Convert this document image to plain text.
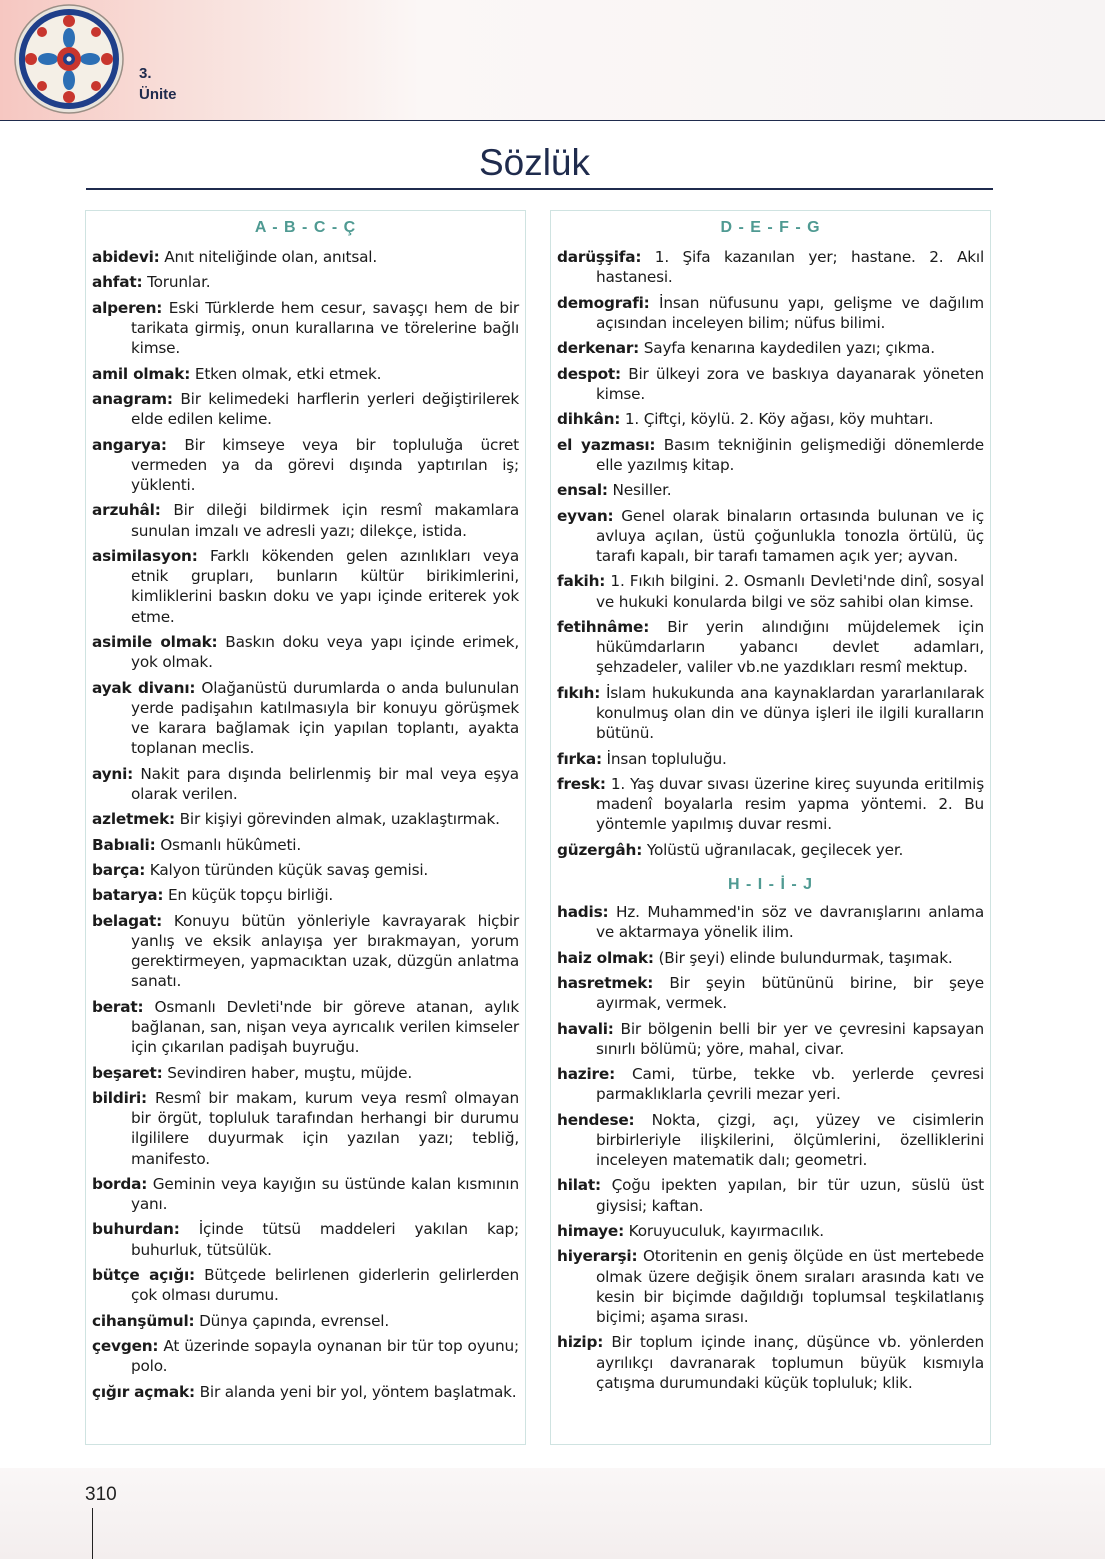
3.
Ünite
Sözlük
A - B - C - Ç

abidevi: Anıt niteliğinde olan, anıtsal.

ahfat: Torunlar.

alperen: Eski Türklerde hem cesur, savaşçı hem de bir tarikata girmiş, onun kurallarına ve törelerine bağlı kimse.

amil olmak: Etken olmak, etki etmek.

anagram: Bir kelimedeki harflerin yerleri değiştirilerek elde edilen kelime.

angarya: Bir kimseye veya bir topluluğa ücret vermeden ya da görevi dışında yaptırılan iş; yüklenti.

arzuhâl: Bir dileği bildirmek için resmî makamlara sunulan imzalı ve adresli yazı; dilekçe, istida.

asimilasyon: Farklı kökenden gelen azınlıkları veya etnik grupları, bunların kültür birikimlerini, kimliklerini baskın doku ve yapı içinde eriterek yok etme.

asimile olmak: Baskın doku veya yapı içinde erimek, yok olmak.

ayak divanı: Olağanüstü durumlarda o anda bulunulan yerde padişahın katılmasıyla bir konuyu görüşmek ve karara bağlamak için yapılan toplantı, ayakta toplanan meclis.

ayni: Nakit para dışında belirlenmiş bir mal veya eşya olarak verilen.

azletmek: Bir kişiyi görevinden almak, uzaklaştırmak.

Babıali: Osmanlı hükûmeti.

barça: Kalyon türünden küçük savaş gemisi.

batarya: En küçük topçu birliği.

belagat: Konuyu bütün yönleriyle kavrayarak hiçbir yanlış ve eksik anlayışa yer bırakmayan, yorum gerektirmeyen, yapmacıktan uzak, düzgün anlatma sanatı.

berat: Osmanlı Devleti'nde bir göreve atanan, aylık bağlanan, san, nişan veya ayrıcalık verilen kimseler için çıkarılan padişah buyruğu.

beşaret: Sevindiren haber, muştu, müjde.

bildiri: Resmî bir makam, kurum veya resmî olmayan bir örgüt, topluluk tarafından herhangi bir durumu ilgililere duyurmak için yazılan yazı; tebliğ, manifesto.

borda: Geminin veya kayığın su üstünde kalan kısmının yanı.

buhurdan: İçinde tütsü maddeleri yakılan kap; buhurluk, tütsülük.

bütçe açığı: Bütçede belirlenen giderlerin gelirlerden çok olması durumu.

cihanşümul: Dünya çapında, evrensel.

çevgen: At üzerinde sopayla oynanan bir tür top oyunu; polo.

çığır açmak: Bir alanda yeni bir yol, yöntem başlatmak.

D - E - F - G

darüşşifa: 1. Şifa kazanılan yer; hastane. 2. Akıl hastanesi.

demografi: İnsan nüfusunu yapı, gelişme ve dağılım açısından inceleyen bilim; nüfus bilimi.

derkenar: Sayfa kenarına kaydedilen yazı; çıkma.

despot: Bir ülkeyi zora ve baskıya dayanarak yöneten kimse.

dihkân: 1. Çiftçi, köylü. 2. Köy ağası, köy muhtarı.

el yazması: Basım tekniğinin gelişmediği dönemlerde elle yazılmış kitap.

ensal: Nesiller.

eyvan: Genel olarak binaların ortasında bulunan ve iç avluya açılan, üstü çoğunlukla tonozla örtülü, üç tarafı kapalı, bir tarafı tamamen açık yer; ayvan.

fakih: 1. Fıkıh bilgini. 2. Osmanlı Devleti'nde dinî, sosyal ve hukuki konularda bilgi ve söz sahibi olan kimse.

fetihnâme: Bir yerin alındığını müjdelemek için hükümdarların yabancı devlet adamları, şehzadeler, valiler vb.ne yazdıkları resmî mektup.

fıkıh: İslam hukukunda ana kaynaklardan yararlanılarak konulmuş olan din ve dünya işleri ile ilgili kuralların bütünü.

fırka: İnsan topluluğu.

fresk: 1. Yaş duvar sıvası üzerine kireç suyunda eritilmiş madenî boyalarla resim yapma yöntemi. 2. Bu yöntemle yapılmış duvar resmi.

güzergâh: Yolüstü uğranılacak, geçilecek yer.

H - I - İ - J

hadis: Hz. Muhammed'in söz ve davranışlarını anlama ve aktarmaya yönelik ilim.

haiz olmak: (Bir şeyi) elinde bulundurmak, taşımak.

hasretmek: Bir şeyin bütününü birine, bir şeye ayırmak, vermek.

havali: Bir bölgenin belli bir yer ve çevresini kapsayan sınırlı bölümü; yöre, mahal, civar.

hazire: Cami, türbe, tekke vb. yerlerde çevresi parmaklıklarla çevrili mezar yeri.

hendese: Nokta, çizgi, açı, yüzey ve cisimlerin birbirleriyle ilişkilerini, ölçümlerini, özelliklerini inceleyen matematik dalı; geometri.

hilat: Çoğu ipekten yapılan, bir tür uzun, süslü üst giysisi; kaftan.

himaye: Koruyuculuk, kayırmacılık.

hiyerarşi: Otoritenin en geniş ölçüde en üst mertebede olmak üzere değişik önem sıraları arasında katı ve kesin bir biçimde dağıldığı toplumsal teşkilatlanış biçimi; aşama sırası.

hizip: Bir toplum içinde inanç, düşünce vb. yönlerden ayrılıkçı davranarak toplumun büyük kısmıyla çatışma durumundaki küçük topluluk; klik.

310
